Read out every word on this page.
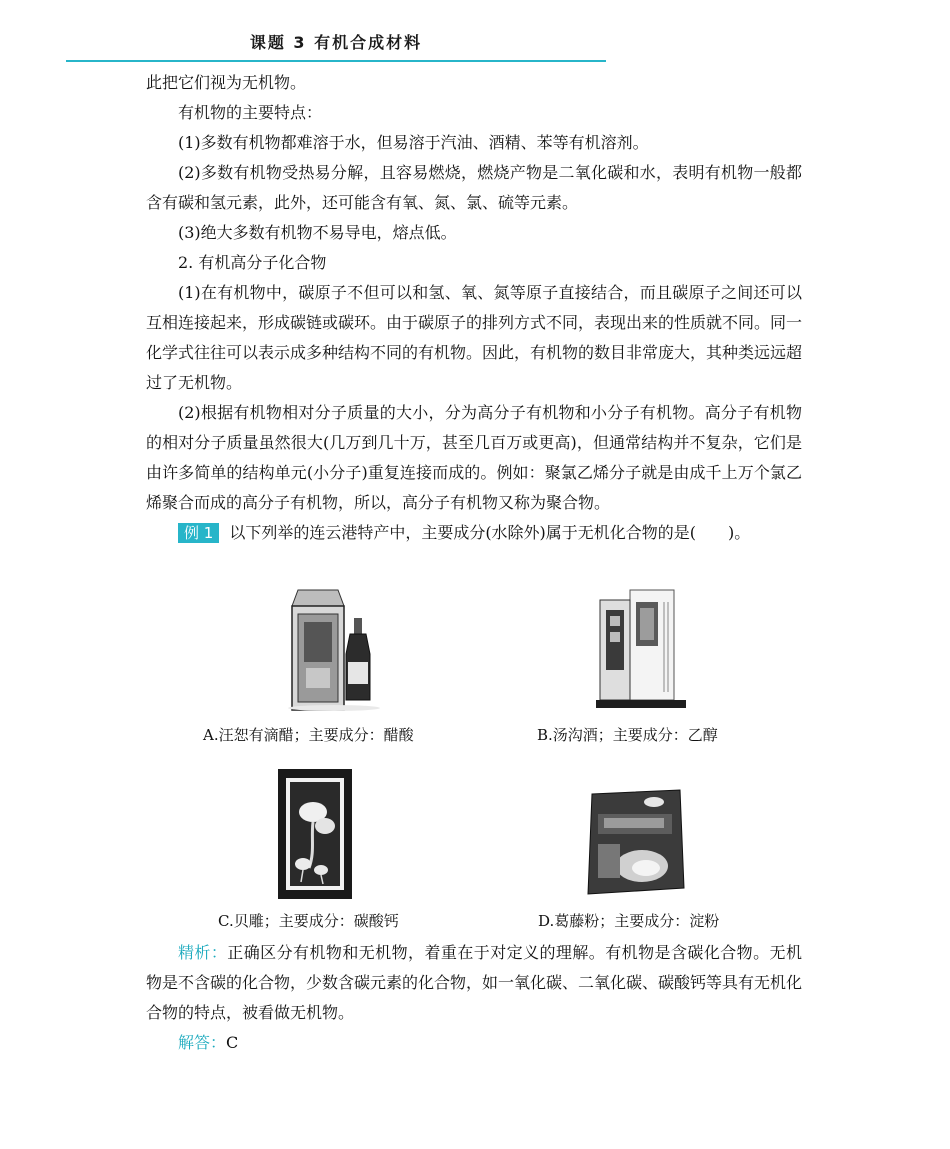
课题 3 有机合成材料

此把它们视为无机物。

有机物的主要特点：

(1)多数有机物都难溶于水，但易溶于汽油、酒精、苯等有机溶剂。

(2)多数有机物受热易分解，且容易燃烧，燃烧产物是二氧化碳和水，表明有机物一般都含有碳和氢元素，此外，还可能含有氧、氮、氯、硫等元素。

(3)绝大多数有机物不易导电，熔点低。

2. 有机高分子化合物

(1)在有机物中，碳原子不但可以和氢、氧、氮等原子直接结合，而且碳原子之间还可以互相连接起来，形成碳链或碳环。由于碳原子的排列方式不同，表现出来的性质就不同。同一化学式往往可以表示成多种结构不同的有机物。因此，有机物的数目非常庞大，其种类远远超过了无机物。

(2)根据有机物相对分子质量的大小，分为高分子有机物和小分子有机物。高分子有机物的相对分子质量虽然很大(几万到几十万，甚至几百万或更高)，但通常结构并不复杂，它们是由许多简单的结构单元(小分子)重复连接而成的。例如：聚氯乙烯分子就是由成千上万个氯乙烯聚合而成的高分子有机物，所以，高分子有机物又称为聚合物。

例 1 以下列举的连云港特产中，主要成分(水除外)属于无机化合物的是(　　)。

A.汪恕有滴醋；主要成分：醋酸	B.汤沟酒；主要成分：乙醇
C.贝雕；主要成分：碳酸钙	D.葛藤粉；主要成分：淀粉

精析：正确区分有机物和无机物，着重在于对定义的理解。有机物是含碳化合物。无机物是不含碳的化合物，少数含碳元素的化合物，如一氧化碳、二氧化碳、碳酸钙等具有无机化合物的特点，被看做无机物。

解答：C
